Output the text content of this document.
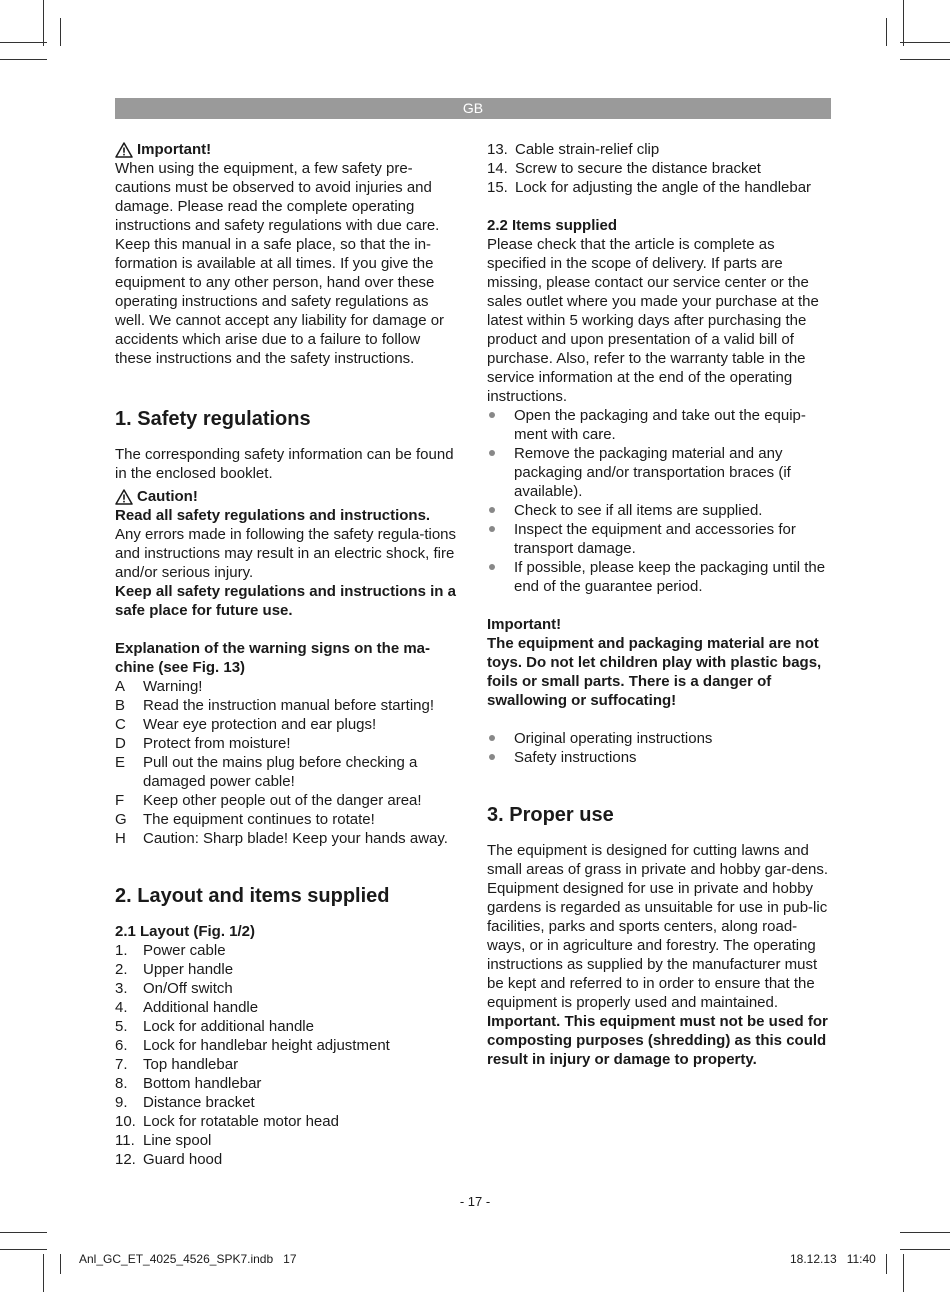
GB
Important!

When using the equipment, a few safety pre-cautions must be observed to avoid injuries and damage. Please read the complete operating instructions and safety regulations with due care. Keep this manual in a safe place, so that the in-formation is available at all times. If you give the equipment to any other person, hand over these operating instructions and safety regulations as well. We cannot accept any liability for damage or accidents which arise due to a failure to follow these instructions and the safety instructions.

1. Safety regulations

The corresponding safety information can be found in the enclosed booklet.

Caution!

Read all safety regulations and instructions.

Any errors made in following the safety regula-tions and instructions may result in an electric shock, fire and/or serious injury.

Keep all safety regulations and instructions in a safe place for future use.

Explanation of the warning signs on the ma-chine (see Fig. 13)

A	Warning!
B	Read the instruction manual before starting!
C	Wear eye protection and ear plugs!
D	Protect from moisture!
E	Pull out the mains plug before checking a damaged power cable!
F	Keep other people out of the danger area!
G	The equipment continues to rotate!
H	Caution: Sharp blade! Keep your hands away.
2. Layout and items supplied

2.1 Layout (Fig. 1/2)

1.	Power cable
2.	Upper handle
3.	On/Off switch
4.	Additional handle
5.	Lock for additional handle
6.	Lock for handlebar height adjustment
7.	Top handlebar
8.	Bottom handlebar
9.	Distance bracket
10. Lock for rotatable motor head
11. Line spool
12. Guard hood
13. Cable strain-relief clip
14. Screw to secure the distance bracket
15. Lock for adjusting the angle of the handlebar

2.2 Items supplied

Please check that the article is complete as specified in the scope of delivery. If parts are missing, please contact our service center or the sales outlet where you made your purchase at the latest within 5 working days after purchasing the product and upon presentation of a valid bill of purchase. Also, refer to the warranty table in the service information at the end of the operating instructions.

Open the packaging and take out the equip-ment with care.
Remove the packaging material and any packaging and/or transportation braces (if available).
Check to see if all items are supplied.
Inspect the equipment and accessories for transport damage.
If possible, please keep the packaging until the end of the guarantee period.

Important!

The equipment and packaging material are not toys. Do not let children play with plastic bags, foils or small parts. There is a danger of swallowing or suffocating!

Original operating instructions
Safety instructions
3. Proper use

The equipment is designed for cutting lawns and small areas of grass in private and hobby gar-dens.

Equipment designed for use in private and hobby gardens is regarded as unsuitable for use in pub-lic facilities, parks and sports centers, along road-ways, or in agriculture and forestry. The operating instructions as supplied by the manufacturer must be kept and referred to in order to ensure that the equipment is properly used and maintained.

Important. This equipment must not be used for composting purposes (shredding) as this could result in injury or damage to property.

- 17 -
Anl_GC_ET_4025_4526_SPK7.indb   17	18.12.13   11:40
